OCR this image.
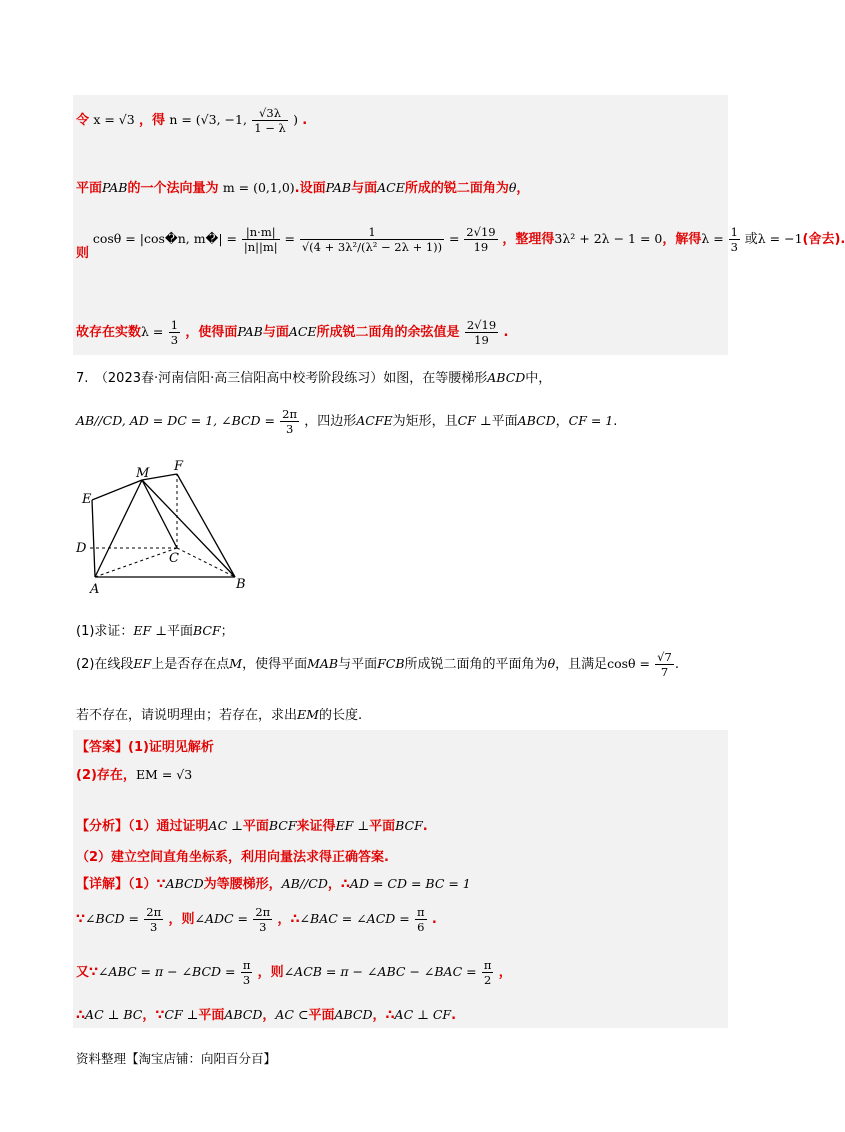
令 x = √3 ，得 n = (√3, −1, $\frac{√3\lambda}{1 - \lambda}$ ) .
平面PAB的一个法向量为 m = (0,1,0).设面PAB与面ACE所成的锐二面角为θ，
则 cosθ = |cos�n, m�| = $\frac{|n\cdot m|}{|n||m|} = \frac{1}{\text{√(4 + 3λ²/(λ² − 2λ + 1))}} = \frac{2√19}{19}$ ，整理得3λ² + 2λ − 1 = 0，解得$\lambda = \frac{1}{3}$ 或λ = −1(舍去).
故存在实数$\lambda = \frac{1}{3}$ ，使得面PAB与面ACE所成锐二面角的余弦值是 $\frac{2√19}{19}$ .
7.　（2023春·河南信阳·高三信阳高中校考阶段练习）如图，在等腰梯形ABCD中，
AB//CD, AD = DC = 1, ∠BCD = $\frac{2\pi}{3}$ ，四边形ACFE为矩形，且CF ⊥平面ABCD，CF = 1.
E
M F
D
C
A	B
(1)求证：EF ⊥平面BCF；
(2)在线段EF上是否存在点M，使得平面MAB与平面FCB所成锐二面角的平面角为θ，且满足$\cos\theta = \frac{√7}{7}$ .
若不存在，请说明理由；若存在，求出EM的长度.
【答案】(1)证明见解析
(2)存在，EM = √3
【分析】（1）通过证明AC ⊥平面BCF来证得EF ⊥平面BCF.
（2）建立空间直角坐标系，利用向量法求得正确答案.
【详解】（1）∵ABCD为等腰梯形，AB//CD，∴AD = CD = BC = 1
∵∠BCD = $\frac{2\pi}{3}$ ，则∠ADC = $\frac{2\pi}{3}$ ，∴∠BAC = ∠ACD = $\frac{\pi}{6}$ .
又∵∠ABC = π − ∠BCD = $\frac{\pi}{3}$ ，则∠ACB = π − ∠ABC − ∠BAC = $\frac{\pi}{2}$ ，
∴AC ⊥ BC，∵CF ⊥平面ABCD，AC ⊂平面ABCD，∴AC ⊥ CF.
资料整理【淘宝店铺：向阳百分百】
